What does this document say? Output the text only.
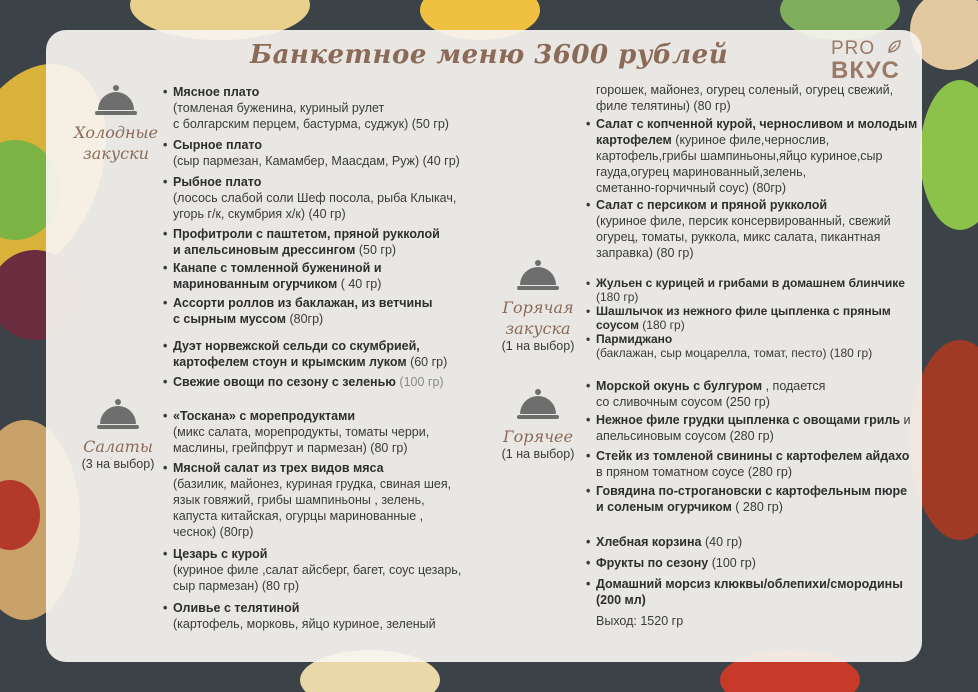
Банкетное меню 3600 рублей	PRO
ВКУС
Холодные
закуски
Салаты
(3 на выбор)
Горячая
закуска
(1 на выбор)
Горячее
(1 на выбор)
• Мясное плато
(томленая буженина, куриный рулет
с болгарским перцем, бастурма, суджук) (50 гр)
• Сырное плато
(сыр пармезан, Камамбер, Маасдам, Руж) (40 гр)
• Рыбное плато
(лосось слабой соли Шеф посола, рыба Клыкач,
угорь г/к, скумбрия х/к) (40 гр)
• Профитроли с паштетом, пряной рукколой
и апельсиновым дрессингом (50 гр)
• Канапе с томленной бужениной и
маринованным огурчиком ( 40 гр)
• Ассорти роллов из баклажан, из ветчины
с сырным муссом (80гр)
• Дуэт норвежской сельди со скумбрией,
картофелем стоун и крымским луком (60 гр)
• Свежие овощи по сезону с зеленью (100 гр)
• «Тоскана» с морепродуктами
(микс салата, морепродукты, томаты черри,
маслины, грейпфрут и пармезан) (80 гр)
• Мясной салат из трех видов мяса
(базилик, майонез, куриная грудка, свиная шея,
язык говяжий, грибы шампиньоны , зелень,
капуста китайская, огурцы маринованные ,
чеснок) (80гр)
• Цезарь с курой
(куриное филе ,салат айсберг, багет, соус цезарь,
сыр пармезан) (80 гр)
• Оливье с телятиной
(картофель, морковь, яйцо куриное, зеленый
горошек, майонез, огурец соленый, огурец свежий,
филе телятины) (80 гр)
• Салат с копченной курой, черносливом и молодым
картофелем (куриное филе,чернослив,
картофель,грибы шампиньоны,яйцо куриное,сыр
гауда,огурец маринованный,зелень,
сметанно-горчичный соус) (80гр)
• Салат с персиком и пряной рукколой
(куриное филе, персик консервированный, свежий
огурец, томаты, руккола, микс салата, пикантная
заправка) (80 гр)
• Жульен с курицей и грибами в домашнем блинчике
(180 гр)
• Шашлычок из нежного филе цыпленка с пряным
соусом (180 гр)
• Пармиджано
(баклажан, сыр моцарелла, томат, песто) (180 гр)
• Морской окунь с булгуром , подается
со сливочным соусом (250 гр)
• Нежное филе грудки цыпленка с овощами гриль и
апельсиновым соусом (280 гр)
• Стейк из томленой свинины с картофелем айдахо
в пряном томатном соусе (280 гр)
• Говядина по-строгановски с картофельным пюре
и соленым огурчиком ( 280 гр)
• Хлебная корзина (40 гр)
• Фрукты по сезону (100 гр)
• Домашний морсиз клюквы/облепихи/смородины
(200 мл)
Выход: 1520 гр
